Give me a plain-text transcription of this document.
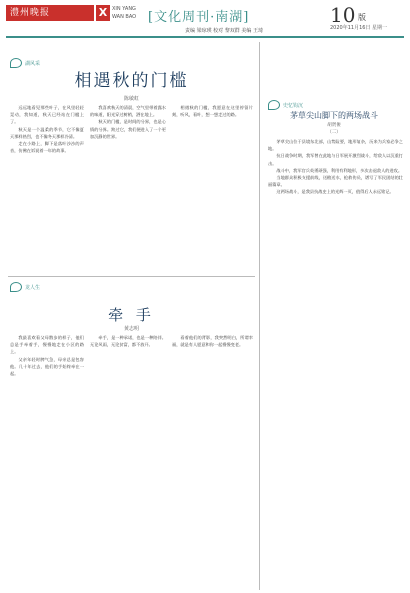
澧州晚报	X XIN YANG
WAN BAO [文化周刊·南湖]	10 版
2020年11月16日 星期一
责编 梁琼瑛 校对 黎双群 美编 王琦
湖风采
相遇秋的门槛
陈敏虹

远远地看见那些叶子，在风里轻轻晃动，我知道，秋天已经站在门槛上了。

秋天是一个温柔的季节，它不像夏天那样热烈，也不像冬天那样冷清。

走在小路上，脚下是落叶沙沙的声音，仿佛在诉说着一年的故事。

我喜欢秋天的清晨，空气里带着露水的味道，阳光穿过树梢，洒在地上。

秋天的门槛，是时间的分界，也是心情的分界。跨过它，我们便进入了一个更加沉静的世界。

相遇秋的门槛，我愿意在这里停留片刻，听风，看叶，想一想走过的路。

龙人生
牵 手
黄志明

我最喜欢看父母散步的样子，他们总是手牵着手，慢慢地走在小区的路上。

父亲年轻时脾气急，母亲总是包容他。几十年过去，他们的手始终牵在一起。

牵手，是一种承诺，也是一种陪伴。无论风雨，无论贫富，都不放开。

看着他们的背影，我突然明白，所谓幸福，就是有人愿意和你一起慢慢变老。

史忆钩沉
茅草尖山脚下的两场战斗
胡贤俊
（二）

茅草尖山位于县境东北部，山势险要，地形复杂，历来为兵家必争之地。

抗日战争时期，我军曾在此地与日军展开激烈战斗，给敌人以沉重打击。

战斗中，我军官兵英勇顽强，利用有利地形，多次击退敌人的进攻。

当地群众积极支援前线，送粮送水，抢救伤员，谱写了军民团结的壮丽篇章。

这两场战斗，是我县抗战史上的光辉一页，值得后人永远铭记。
